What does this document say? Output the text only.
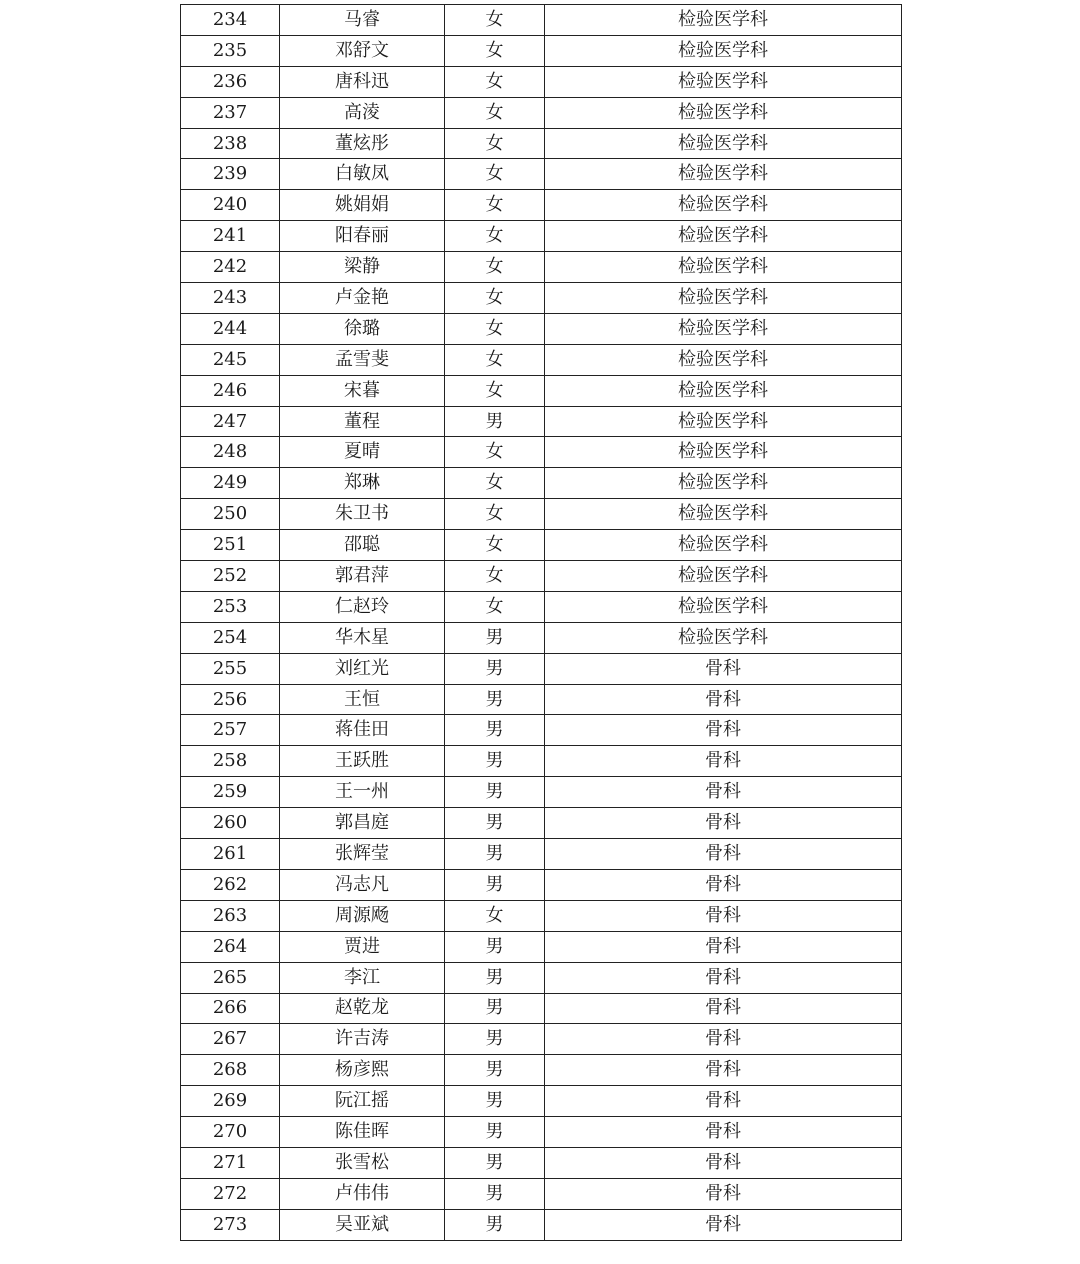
234	马睿	女	检验医学科
235	邓舒文	女	检验医学科
236	唐科迅	女	检验医学科
237	高淩	女	检验医学科
238	董炫彤	女	检验医学科
239	白敏凤	女	检验医学科
240	姚娟娟	女	检验医学科
241	阳春丽	女	检验医学科
242	梁静	女	检验医学科
243	卢金艳	女	检验医学科
244	徐璐	女	检验医学科
245	孟雪斐	女	检验医学科
246	宋暮	女	检验医学科
247	董程	男	检验医学科
248	夏晴	女	检验医学科
249	郑琳	女	检验医学科
250	朱卫书	女	检验医学科
251	邵聪	女	检验医学科
252	郭君萍	女	检验医学科
253	仁赵玲	女	检验医学科
254	华木星	男	检验医学科
255	刘红光	男	骨科
256	王恒	男	骨科
257	蒋佳田	男	骨科
258	王跃胜	男	骨科
259	王一州	男	骨科
260	郭昌庭	男	骨科
261	张辉莹	男	骨科
262	冯志凡	男	骨科
263	周源飏	女	骨科
264	贾进	男	骨科
265	李江	男	骨科
266	赵乾龙	男	骨科
267	许吉涛	男	骨科
268	杨彦熙	男	骨科
269	阮江摇	男	骨科
270	陈佳晖	男	骨科
271	张雪松	男	骨科
272	卢伟伟	男	骨科
273	吴亚斌	男	骨科
